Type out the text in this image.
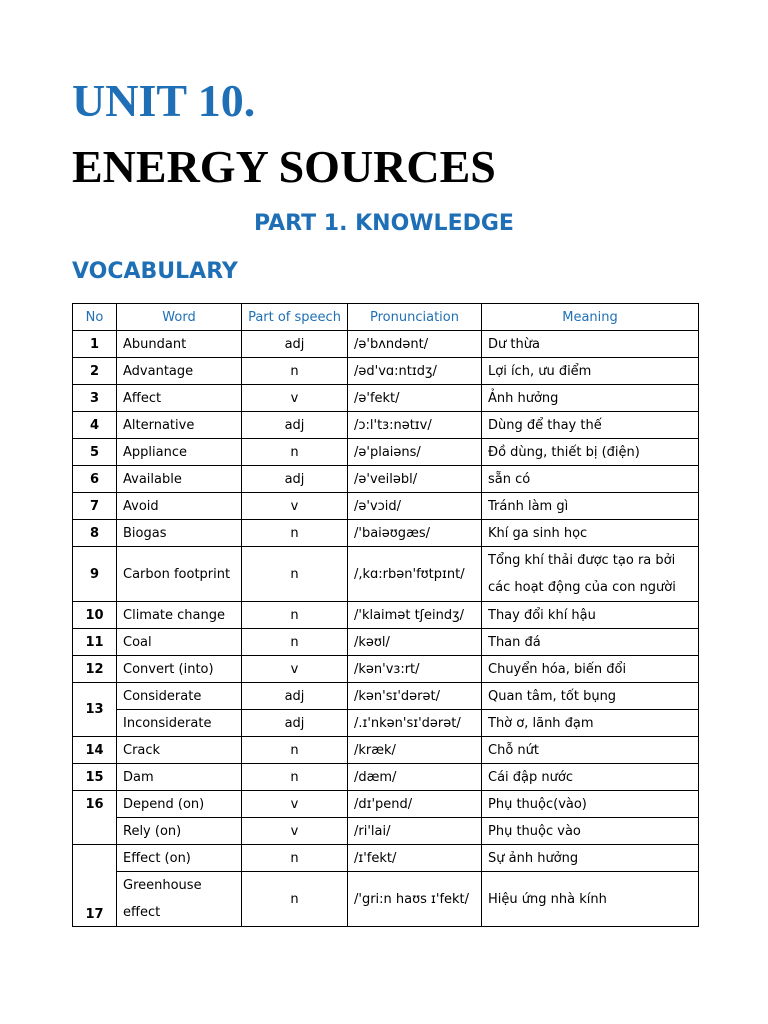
UNIT 10.
ENERGY SOURCES
PART 1. KNOWLEDGE
VOCABULARY
No	Word	Part of speech	Pronunciation	Meaning
1	Abundant	adj	/ə'bʌndənt/	Dư thừa
2	Advantage	n	/əd'vɑ:ntɪdʒ/	Lợi ích, ưu điểm
3	Affect	v	/ə'fekt/	Ảnh hưởng
4	Alternative	adj	/ɔ:l'tɜ:nətɪv/	Dùng để thay thế
5	Appliance	n	/ə'plaiəns/	Đồ dùng, thiết bị (điện)
6	Available	adj	/ə'veiləbl/	sẵn có
7	Avoid	v	/ə'vɔid/	Tránh làm gì
8	Biogas	n	/'baiəʊgæs/	Khí ga sinh học
9	Carbon footprint	n	/,kɑ:rbən'fʊtpɪnt/	Tổng khí thải được tạo ra bởi các hoạt động của con người
10	Climate change	n	/'klaimət tʃeindʒ/	Thay đổi khí hậu
11	Coal	n	/kəʊl/	Than đá
12	Convert (into)	v	/kən'vɜ:rt/	Chuyển hóa, biến đổi
13	Considerate	adj	/kən'sɪ'dərət/	Quan tâm, tốt bụng
	Inconsiderate	adj	/.ɪ'nkən'sɪ'dərət/	Thờ ơ, lãnh đạm
14	Crack	n	/kræk/	Chỗ nứt
15	Dam	n	/dæm/	Cái đập nước
16	Depend (on)	v	/dɪ'pend/	Phụ thuộc(vào)
	Rely (on)	v	/ri'lai/	Phụ thuộc vào
17	Effect (on)	n	/ɪ'fekt/	Sự ảnh hưởng
	Greenhouse effect	n	/'gri:n haʊs ɪ'fekt/	Hiệu ứng nhà kính
